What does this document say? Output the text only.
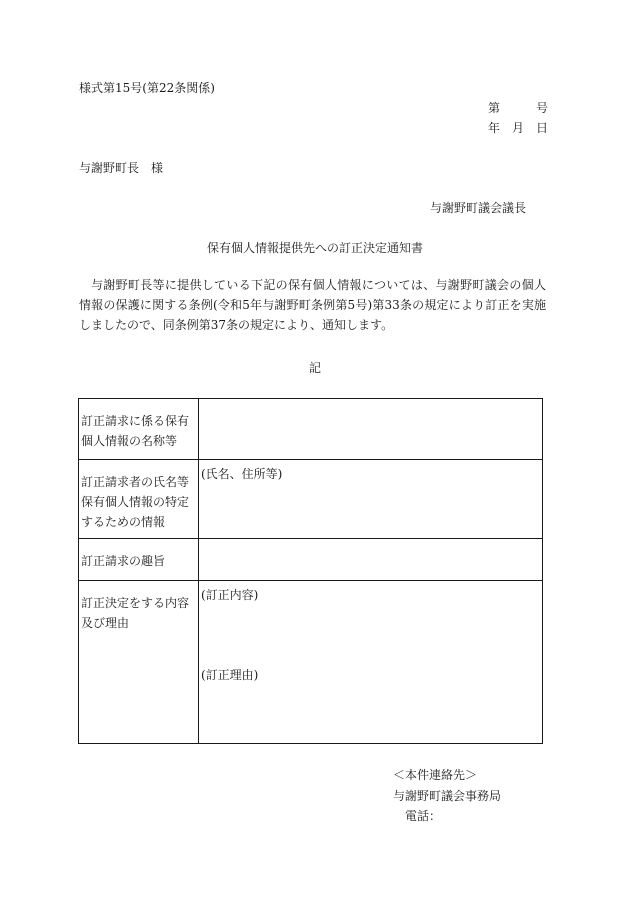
様式第15号(第22条関係)
第	号
年 月 日
与謝野町長　様
与謝野町議会議長
保有個人情報提供先への訂正決定通知書
与謝野町長等に提供している下記の保有個人情報については、与謝野町議会の個人情報の保護に関する条例(令和5年与謝野町条例第5号)第33条の規定により訂正を実施しましたので、同条例第37条の規定により、通知します。
記
訂正請求に係る保有個人情報の名称等	
訂正請求者の氏名等保有個人情報の特定するための情報	(氏名、住所等)
訂正請求の趣旨	
訂正決定をする内容及び理由	(訂正内容)
(訂正理由)
＜本件連絡先＞
与謝野町議会事務局
電話：
